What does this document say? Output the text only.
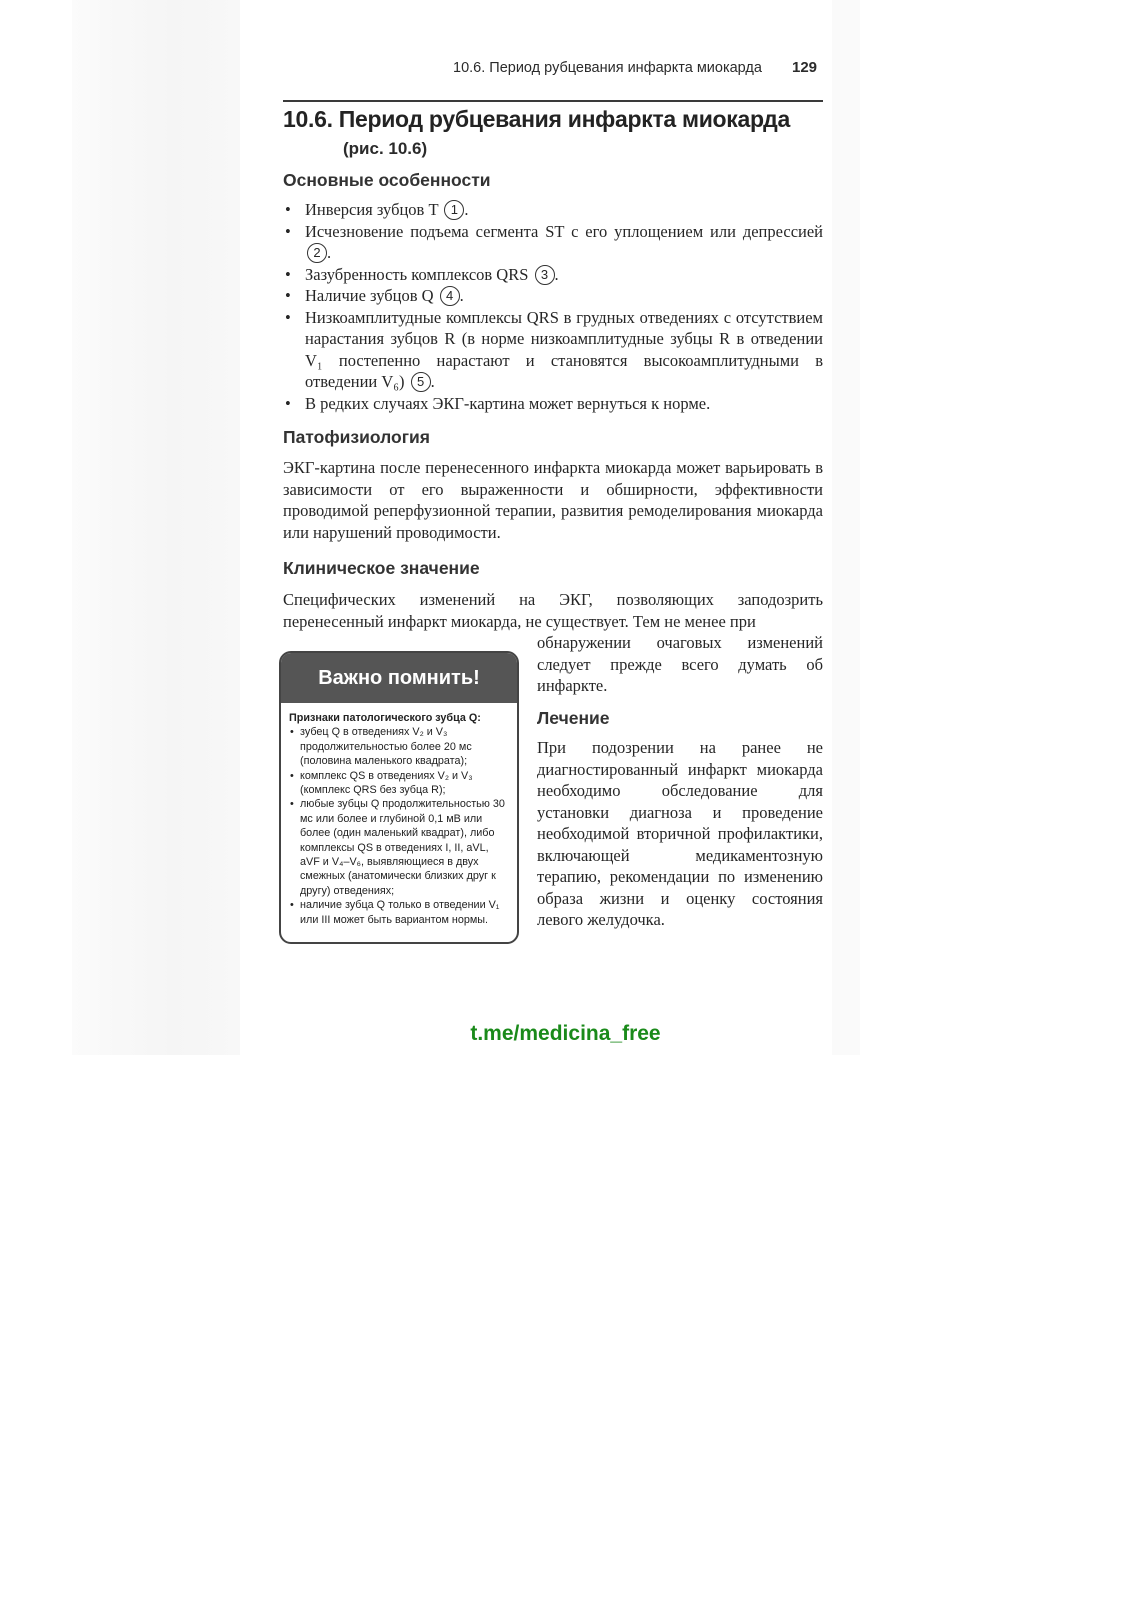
10.6. Период рубцевания инфаркта миокарда 129
10.6. Период рубцевания инфаркта миокарда
(рис. 10.6)
Основные особенности
• Инверсия зубцов T 1 .
• Исчезновение подъема сегмента ST с его уплощением или депрессией 2 .
• Зазубренность комплексов QRS 3 .
• Наличие зубцов Q 4 .
• Низкоамплитудные комплексы QRS в грудных отведениях с отсутствием нарастания зубцов R (в норме низкоамплитудные зубцы R в отведении V₁ постепенно нарастают и становятся высокоамплитудными в отведении V₆) 5 .
• В редких случаях ЭКГ-картина может вернуться к норме.
Патофизиология

ЭКГ-картина после перенесенного инфаркта миокарда может варьировать в зависимости от его выраженности и обширности, эффективности проводимой реперфузионной терапии, развития ремоделирования миокарда или нарушений проводимости.

Клиническое значение

Специфических изменений на ЭКГ, позволяющих заподозрить перенесенный инфаркт миокарда, не существует. Тем не менее при

обнаружении очаговых изменений следует прежде всего думать об инфаркте.

Лечение

При подозрении на ранее не диагностированный инфаркт миокарда необходимо обследование для установки диагноза и проведение необходимой вторичной профилактики, включающей медикаментозную терапию, рекомендации по изменению образа жизни и оценку состояния левого желудочка.

Важно помнить!
Признаки патологического зубца Q:
• зубец Q в отведениях V₂ и V₃ продолжительностью более 20 мс (половина маленького квадрата);
• комплекс QS в отведениях V₂ и V₃ (комплекс QRS без зубца R);
• любые зубцы Q продолжительностью 30 мс или более и глубиной 0,1 мВ или более (один маленький квадрат), либо комплексы QS в отведениях I, II, aVL, aVF и V₄–V₆, выявляющиеся в двух смежных (анатомически близких друг к другу) отведениях;
• наличие зубца Q только в отведении V₁ или III может быть вариантом нормы.
t.me/medicina_free
